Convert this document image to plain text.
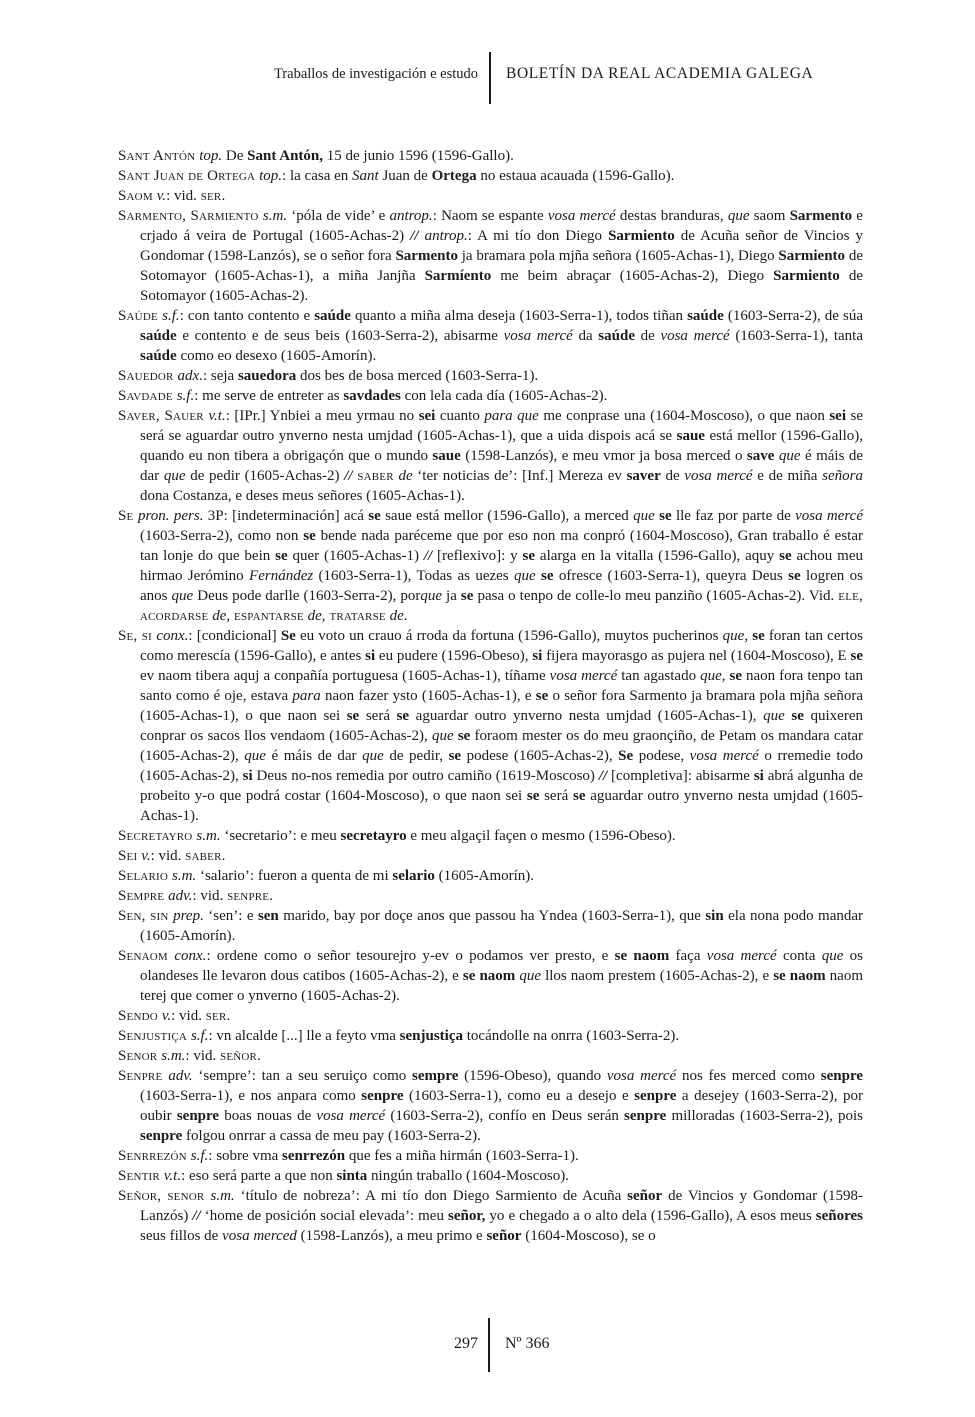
Traballos de investigación e estudo BOLETÍN DA REAL ACADEMIA GALEGA

Sant Antón top. De Sant Antón, 15 de junio 1596 (1596-Gallo).

Sant Juan de Ortega top.: la casa en Sant Juan de Ortega no estaua acauada (1596-Gallo).

Saom v.: vid. ser.

Sarmento, Sarmiento s.m. ‘póla de vide’ e antrop.: Naom se espante vosa mercé destas branduras, que saom Sarmento e crjado á veira de Portugal (1605-Achas-2) // antrop.: A mi tío don Diego Sarmiento de Acuña señor de Vincios y Gondomar (1598-Lanzós), se o señor fora Sarmento ja bramara pola mjña señora (1605-Achas-1), Diego Sarmiento de Sotomayor (1605-Achas-1), a miña Janjña Sarmíento me beim abraçar (1605-Achas-2), Diego Sarmiento de Sotomayor (1605-Achas-2).

Saúde s.f.: con tanto contento e saúde quanto a miña alma deseja (1603-Serra-1), todos tiñan saúde (1603-Serra-2), de súa saúde e contento e de seus beis (1603-Serra-2), abisarme vosa mercé da saúde de vosa mercé (1603-Serra-1), tanta saúde como eo desexo (1605-Amorín).

Sauedor adx.: seja sauedora dos bes de bosa merced (1603-Serra-1).

Savdade s.f.: me serve de entreter as savdades con lela cada día (1605-Achas-2).

Saver, Sauer v.t.: [IPr.] Ynbiei a meu yrmau no sei cuanto para que me conprase una (1604-Moscoso), o que naon sei se será se aguardar outro ynverno nesta umjdad (1605-Achas-1), que a uida dispois acá se saue está mellor (1596-Gallo), quando eu non tibera a obrigaçón que o mundo saue (1598-Lanzós), e meu vmor ja bosa merced o save que é máis de dar que de pedir (1605-Achas-2) // saber de ‘ter noticias de’: [Inf.] Mereza ev saver de vosa mercé e de miña señora dona Costanza, e deses meus señores (1605-Achas-1).

Se pron. pers. 3P: [indeterminación] acá se saue está mellor (1596-Gallo), a merced que se lle faz por parte de vosa mercé (1603-Serra-2), como non se bende nada paréceme que por eso non ma conpró (1604-Moscoso), Gran traballo é estar tan lonje do que bein se quer (1605-Achas-1) // [reflexivo]: y se alarga en la vitalla (1596-Gallo), aquy se achou meu hirmao Jerómino Fernández (1603-Serra-1), Todas as uezes que se ofresce (1603-Serra-1), queyra Deus se logren os anos que Deus pode darlle (1603-Serra-2), porque ja se pasa o tenpo de colle-lo meu panziño (1605-Achas-2). Vid. ele, acordarse de, espantarse de, tratarse de.

Se, si conx.: [condicional] Se eu voto un crauo á rroda da fortuna (1596-Gallo), muytos pucherinos que, se foran tan certos como merescía (1596-Gallo), e antes si eu pudere (1596-Obeso), si fijera mayorasgo as pujera nel (1604-Moscoso), E se ev naom tibera aquj a conpañía portuguesa (1605-Achas-1), tíñame vosa mercé tan agastado que, se naon fora tenpo tan santo como é oje, estava para naon fazer ysto (1605-Achas-1), e se o señor fora Sarmento ja bramara pola mjña señora (1605-Achas-1), o que naon sei se será se aguardar outro ynverno nesta umjdad (1605-Achas-1), que se quixeren conprar os sacos llos vendaom (1605-Achas-2), que se foraom mester os do meu graonçiño, de Petam os mandara catar (1605-Achas-2), que é máis de dar que de pedir, se podese (1605-Achas-2), Se podese, vosa mercé o rremedie todo (1605-Achas-2), si Deus no-nos remedia por outro camiño (1619-Moscoso) // [completiva]: abisarme si abrá algunha de probeito y-o que podrá costar (1604-Moscoso), o que naon sei se será se aguardar outro ynverno nesta umjdad (1605-Achas-1).

Secretayro s.m. ‘secretario’: e meu secretayro e meu algaçil façen o mesmo (1596-Obeso).

Sei v.: vid. saber.

Selario s.m. ‘salario’: fueron a quenta de mi selario (1605-Amorín).

Sempre adv.: vid. senpre.

Sen, sin prep. ‘sen’: e sen marido, bay por doçe anos que passou ha Yndea (1603-Serra-1), que sin ela nona podo mandar (1605-Amorín).

Senaom conx.: ordene como o señor tesourejro y-ev o podamos ver presto, e se naom faça vosa mercé conta que os olandeses lle levaron dous catibos (1605-Achas-2), e se naom que llos naom prestem (1605-Achas-2), e se naom naom terej que comer o ynverno (1605-Achas-2).

Sendo v.: vid. ser.

Senjustiça s.f.: vn alcalde [...] lle a feyto vma senjustiça tocándolle na onrra (1603-Serra-2).

Senor s.m.: vid. señor.

Senpre adv. ‘sempre’: tan a seu seruiço como sempre (1596-Obeso), quando vosa mercé nos fes merced como senpre (1603-Serra-1), e nos anpara como senpre (1603-Serra-1), como eu a desejo e senpre a desejey (1603-Serra-2), por oubir senpre boas nouas de vosa mercé (1603-Serra-2), confío en Deus serán senpre milloradas (1603-Serra-2), pois senpre folgou onrrar a cassa de meu pay (1603-Serra-2).

Senrrezón s.f.: sobre vma senrrezón que fes a miña hirmán (1603-Serra-1).

Sentir v.t.: eso será parte a que non sinta ningún traballo (1604-Moscoso).

Señor, senor s.m. ‘título de nobreza’: A mi tío don Diego Sarmiento de Acuña señor de Vincios y Gondomar (1598-Lanzós) // ‘home de posición social elevada’: meu señor, yo e chegado a o alto dela (1596-Gallo), A esos meus señores seus fillos de vosa merced (1598-Lanzós), a meu primo e señor (1604-Moscoso), se o

297 Nº 366
